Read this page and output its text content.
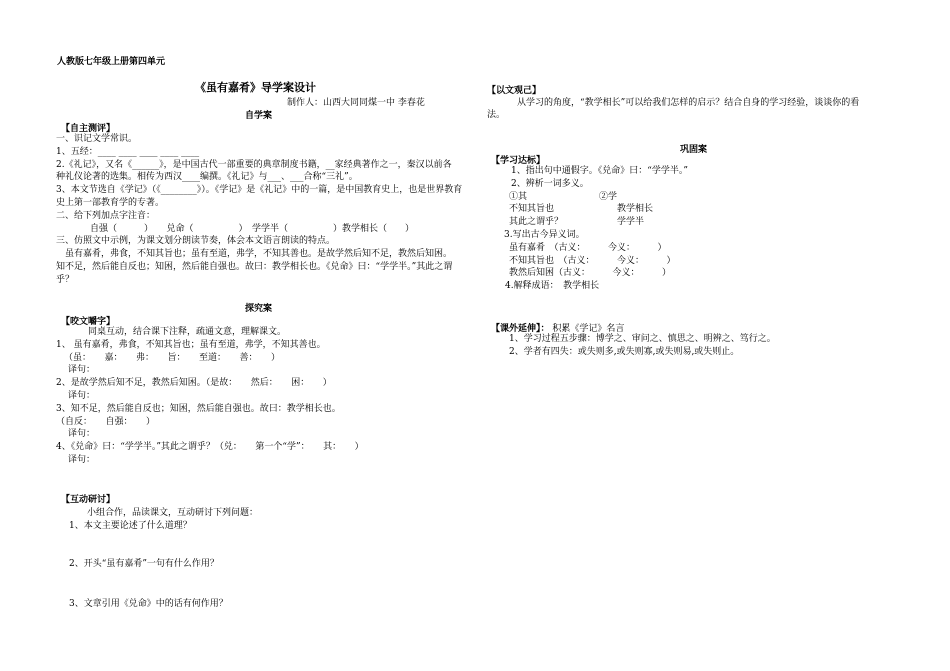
人教版七年级上册第四单元
《虽有嘉肴》导学案设计
制作人：山西大同同煤一中 李春花
自学案
【自主测评】
一、识记文学常识。
1、五经：____ ____ ____ ____ ____
2.《礼记》，又名《______》，是中国古代一部重要的典章制度书籍，__家经典著作之一，秦汉以前各
种礼仪论著的选集。相传为西汉____编撰。《礼记》与___、___合称“三礼”。
3、本文节选自《学记》（《________》）。《学记》是《礼记》中的一篇，是中国教育史上，也是世界教育
史上第一部教育学的专著。
二、给下列加点字注音：
自强（　　　）　　兑命（　　　　　）　学学半（　　　　　）教学相长（　　）
三、仿照文中示例，为课文划分朗读节奏，体会本文语言朗读的特点。
虽有嘉肴，弗食，不知其旨也；虽有至道，弗学，不知其善也。是故学然后知不足，教然后知困。
知不足，然后能自反也；知困，然后能自强也。故曰：教学相长也。《兑命》曰：“学学半。”其此之谓
乎？
探究案
【咬文嚼字】
同桌互动，结合课下注释，疏通文意，理解课文。
1、 虽有嘉肴，弗食，不知其旨也；虽有至道，弗学，不知其善也。
（虽：　　嘉：　　弗：　　旨：　　至道：　　善：　　）
译句：
2、是故学然后知不足，教然后知困。（是故：　　然后：　　困：　　）
译句：
3、知不足，然后能自反也；知困，然后能自强也。故曰：教学相长也。
（自反：　　自强：　　）
译句：
4、《兑命》曰：“学学半。”其此之谓乎？（兑：　　第一个“学”：　　其：　　）
译句：
【互动研讨】
小组合作，品读课文，互动研讨下列问题：
1、本文主要论述了什么道理？
2、开头“虽有嘉肴”一句有什么作用？
3、文章引用《兑命》中的话有何作用？
【以文观己】
从学习的角度，“教学相长”可以给我们怎样的启示？结合自身的学习经验，谈谈你的看
法。
巩固案
【学习达标】
1、指出句中通假字。《兑命》曰：“学学半。”
2、辨析一词多义。
①其　　　　　　　　②学
不知其旨也　　　　　　　教学相长
其此之谓乎？　　　　　　学学半
3.写出古今异义词。
虽有嘉肴　（古义：　　　今义：　　　）
不知其旨也　（古义：　　　今义：　　　）
教然后知困（古义：　　　今义：　　　）
4.解释成语：　教学相长
【课外延伸】： 积累《学记》名言
1、学习过程五步骤：博学之、审问之、慎思之、明辨之、笃行之。
2、学者有四失：或失则多,或失则寡,或失则易,或失则止。
